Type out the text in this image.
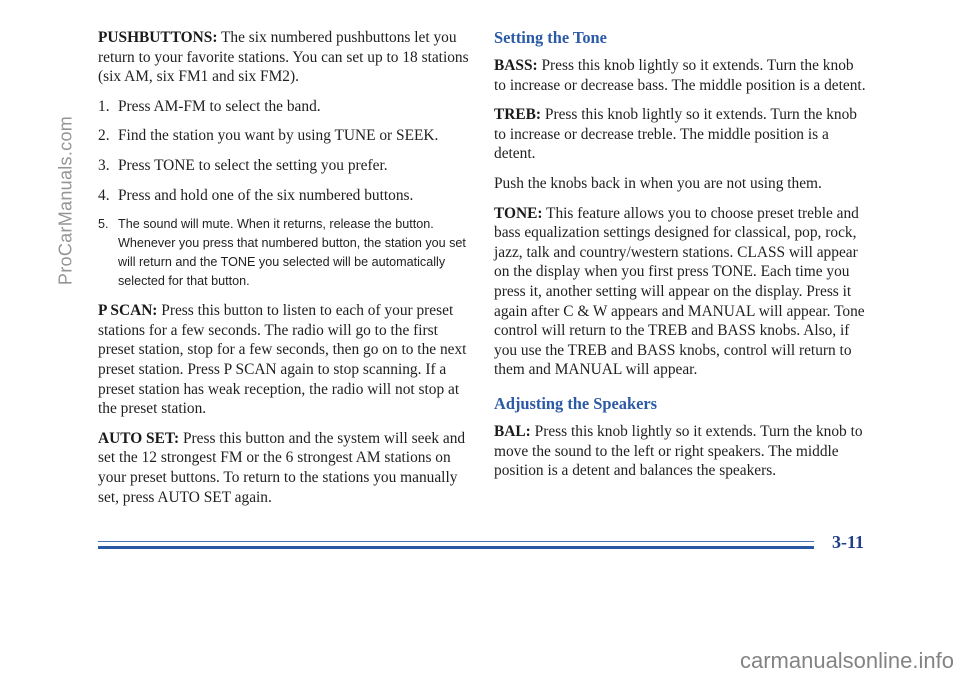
PUSHBUTTONS: The six numbered pushbuttons let you return to your favorite stations. You can set up to 18 stations (six AM, six FM1 and six FM2).

1. Press AM-FM to select the band.
2. Find the station you want by using TUNE or SEEK.
3. Press TONE to select the setting you prefer.
4. Press and hold one of the six numbered buttons.
5. The sound will mute. When it returns, release the button. Whenever you press that numbered button, the station you set will return and the TONE you selected will be automatically selected for that button.

P SCAN: Press this button to listen to each of your preset stations for a few seconds. The radio will go to the first preset station, stop for a few seconds, then go on to the next preset station. Press P SCAN again to stop scanning. If a preset station has weak reception, the radio will not stop at the preset station.

AUTO SET: Press this button and the system will seek and set the 12 strongest FM or the 6 strongest AM stations on your preset buttons. To return to the stations you manually set, press AUTO SET again.

Setting the Tone

BASS: Press this knob lightly so it extends. Turn the knob to increase or decrease bass. The middle position is a detent.

TREB: Press this knob lightly so it extends. Turn the knob to increase or decrease treble. The middle position is a detent.

Push the knobs back in when you are not using them.

TONE: This feature allows you to choose preset treble and bass equalization settings designed for classical, pop, rock, jazz, talk and country/western stations. CLASS will appear on the display when you first press TONE. Each time you press it, another setting will appear on the display. Press it again after C & W appears and MANUAL will appear. Tone control will return to the TREB and BASS knobs. Also, if you use the TREB and BASS knobs, control will return to them and MANUAL will appear.

Adjusting the Speakers

BAL: Press this knob lightly so it extends. Turn the knob to move the sound to the left or right speakers. The middle position is a detent and balances the speakers.

3-11
ProCarManuals.com
carmanualsonline.info
